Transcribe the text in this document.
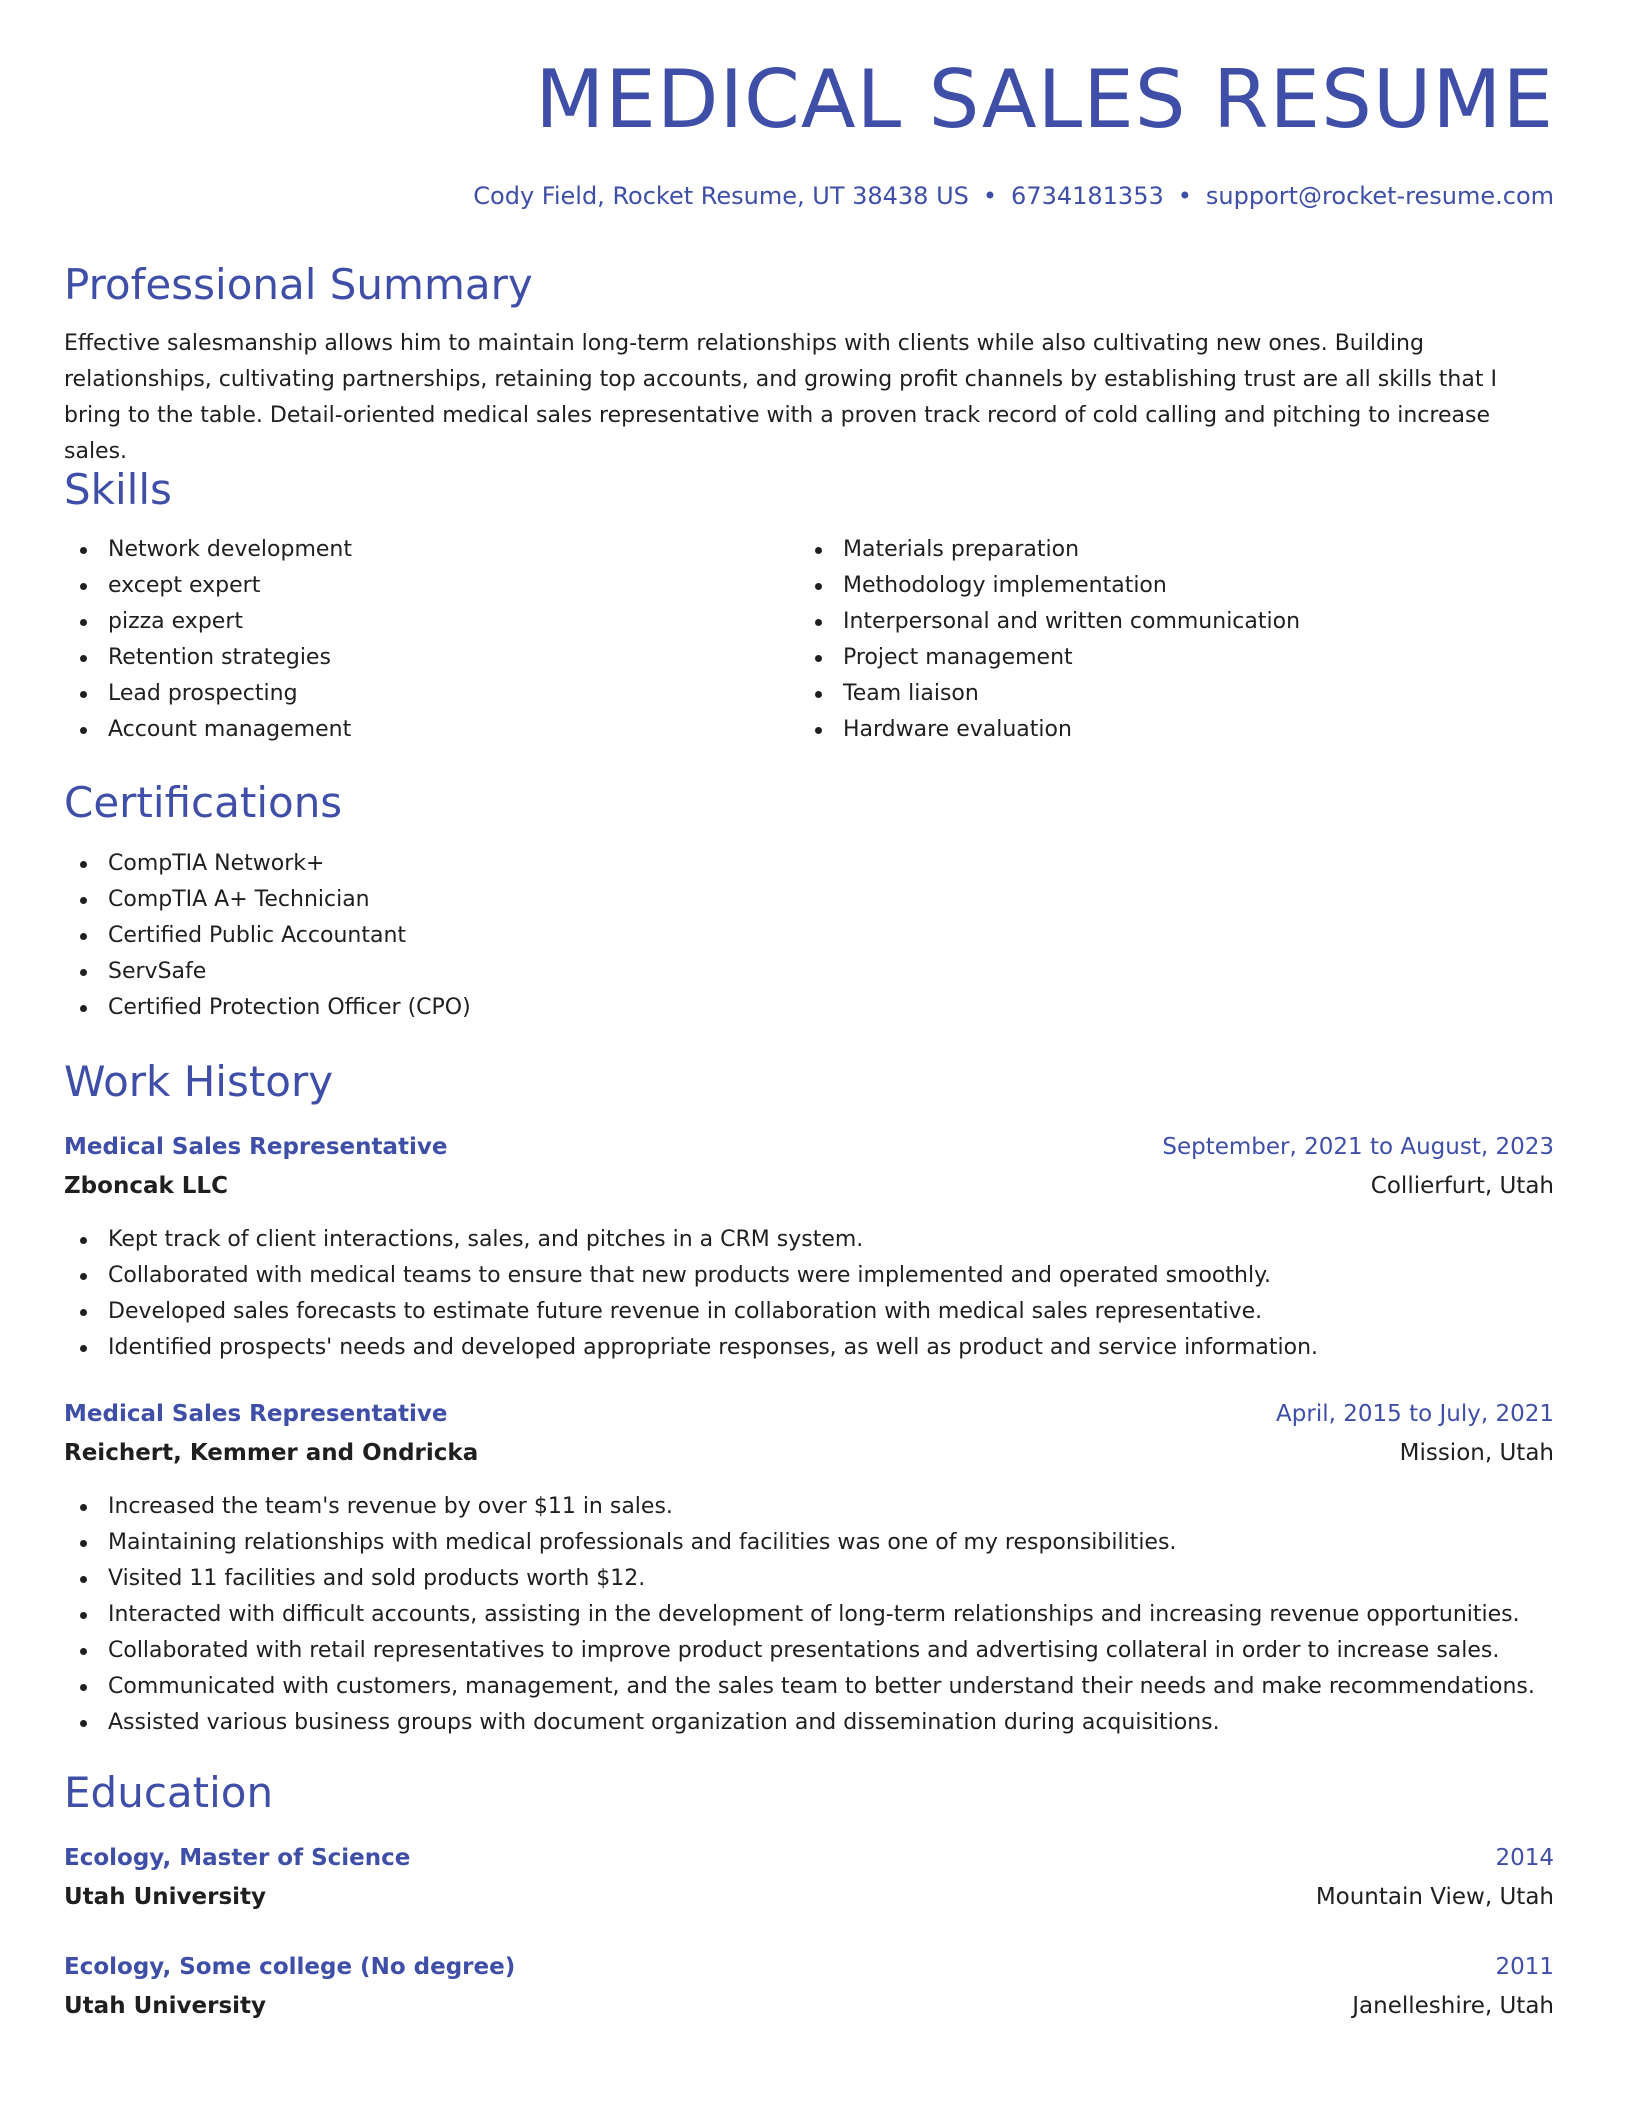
MEDICAL SALES RESUME
Cody Field, Rocket Resume, UT 38438 US • 6734181353 • support@rocket-resume.com
Professional Summary

Effective salesmanship allows him to maintain long-term relationships with clients while also cultivating new ones. Building relationships, cultivating partnerships, retaining top accounts, and growing profit channels by establishing trust are all skills that I bring to the table. Detail-oriented medical sales representative with a proven track record of cold calling and pitching to increase sales.

Skills
Network development
except expert
pizza expert
Retention strategies
Lead prospecting
Account management
Materials preparation
Methodology implementation
Interpersonal and written communication
Project management
Team liaison
Hardware evaluation
Certifications
CompTIA Network+
CompTIA A+ Technician
Certified Public Accountant
ServSafe
Certified Protection Officer (CPO)
Work History
Medical Sales Representative	September, 2021 to August, 2023
Zboncak LLC	Collierfurt, Utah
Kept track of client interactions, sales, and pitches in a CRM system.
Collaborated with medical teams to ensure that new products were implemented and operated smoothly.
Developed sales forecasts to estimate future revenue in collaboration with medical sales representative.
Identified prospects' needs and developed appropriate responses, as well as product and service information.
Medical Sales Representative	April, 2015 to July, 2021
Reichert, Kemmer and Ondricka	Mission, Utah
Increased the team's revenue by over $11 in sales.
Maintaining relationships with medical professionals and facilities was one of my responsibilities.
Visited 11 facilities and sold products worth $12.
Interacted with difficult accounts, assisting in the development of long-term relationships and increasing revenue opportunities.
Collaborated with retail representatives to improve product presentations and advertising collateral in order to increase sales.
Communicated with customers, management, and the sales team to better understand their needs and make recommendations.
Assisted various business groups with document organization and dissemination during acquisitions.
Education
Ecology, Master of Science	2014
Utah University	Mountain View, Utah
Ecology, Some college (No degree)	2011
Utah University	Janelleshire, Utah
